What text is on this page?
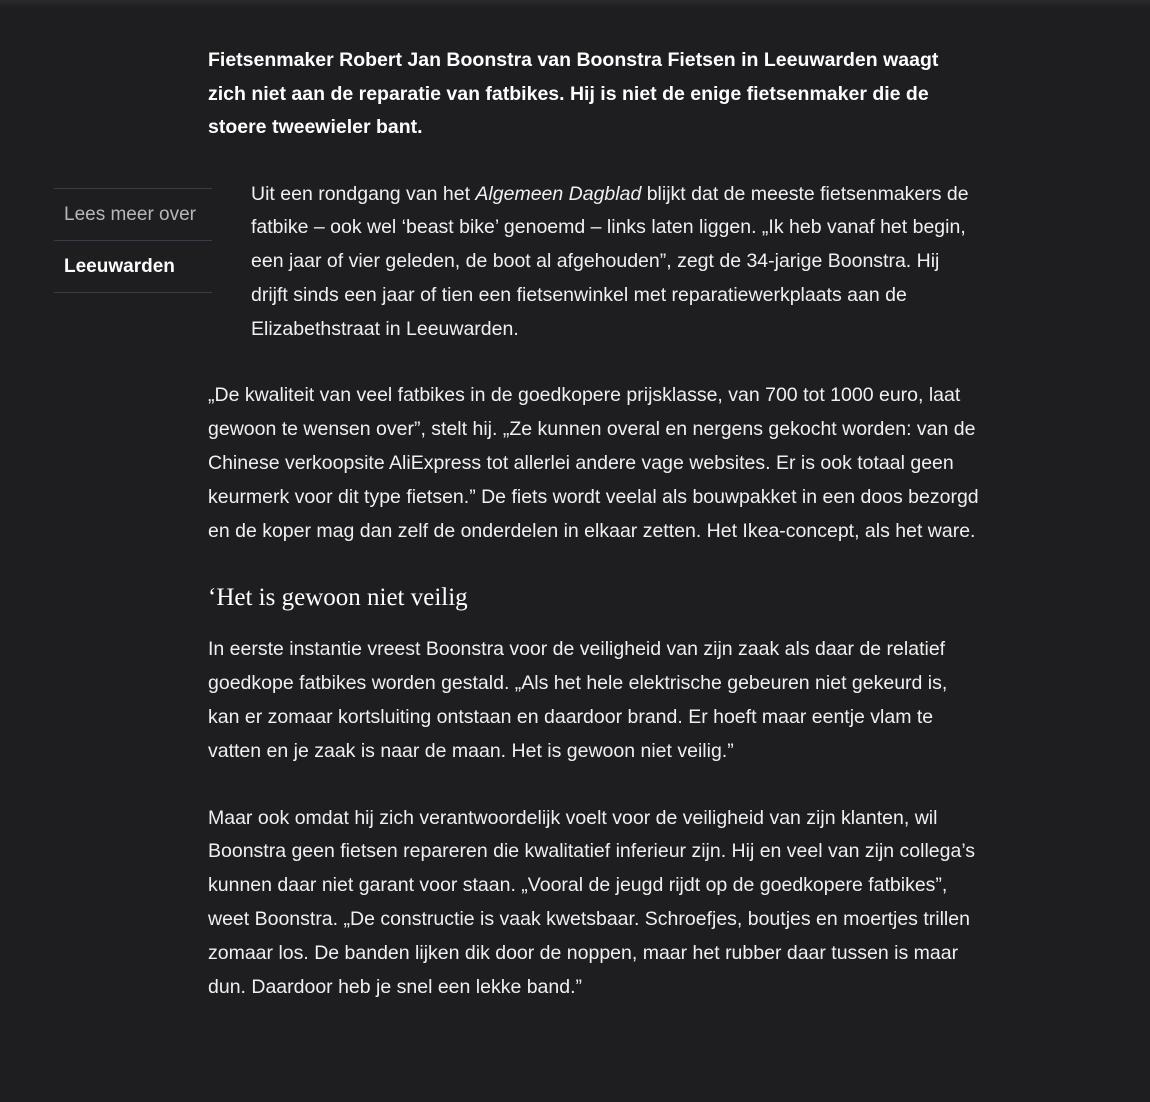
Lees meer over
Leeuwarden

Fietsenmaker Robert Jan Boonstra van Boonstra Fietsen in Leeuwarden waagt zich niet aan de reparatie van fatbikes. Hij is niet de enige fietsenmaker die de stoere tweewieler bant.

Uit een rondgang van het Algemeen Dagblad blijkt dat de meeste fietsenmakers de fatbike – ook wel ‘beast bike’ genoemd – links laten liggen. „Ik heb vanaf het begin, een jaar of vier geleden, de boot al afgehouden”, zegt de 34-jarige Boonstra. Hij drijft sinds een jaar of tien een fietsenwinkel met reparatiewerkplaats aan de Elizabethstraat in Leeuwarden.

„De kwaliteit van veel fatbikes in de goedkopere prijsklasse, van 700 tot 1000 euro, laat gewoon te wensen over”, stelt hij. „Ze kunnen overal en nergens gekocht worden: van de Chinese verkoopsite AliExpress tot allerlei andere vage websites. Er is ook totaal geen keurmerk voor dit type fietsen.” De fiets wordt veelal als bouwpakket in een doos bezorgd en de koper mag dan zelf de onderdelen in elkaar zetten. Het Ikea-concept, als het ware.

‘Het is gewoon niet veilig

In eerste instantie vreest Boonstra voor de veiligheid van zijn zaak als daar de relatief goedkope fatbikes worden gestald. „Als het hele elektrische gebeuren niet gekeurd is, kan er zomaar kortsluiting ontstaan en daardoor brand. Er hoeft maar eentje vlam te vatten en je zaak is naar de maan. Het is gewoon niet veilig.”

Maar ook omdat hij zich verantwoordelijk voelt voor de veiligheid van zijn klanten, wil Boonstra geen fietsen repareren die kwalitatief inferieur zijn. Hij en veel van zijn collega’s kunnen daar niet garant voor staan. „Vooral de jeugd rijdt op de goedkopere fatbikes”, weet Boonstra. „De constructie is vaak kwetsbaar. Schroefjes, boutjes en moertjes trillen zomaar los. De banden lijken dik door de noppen, maar het rubber daar tussen is maar dun. Daardoor heb je snel een lekke band.”
